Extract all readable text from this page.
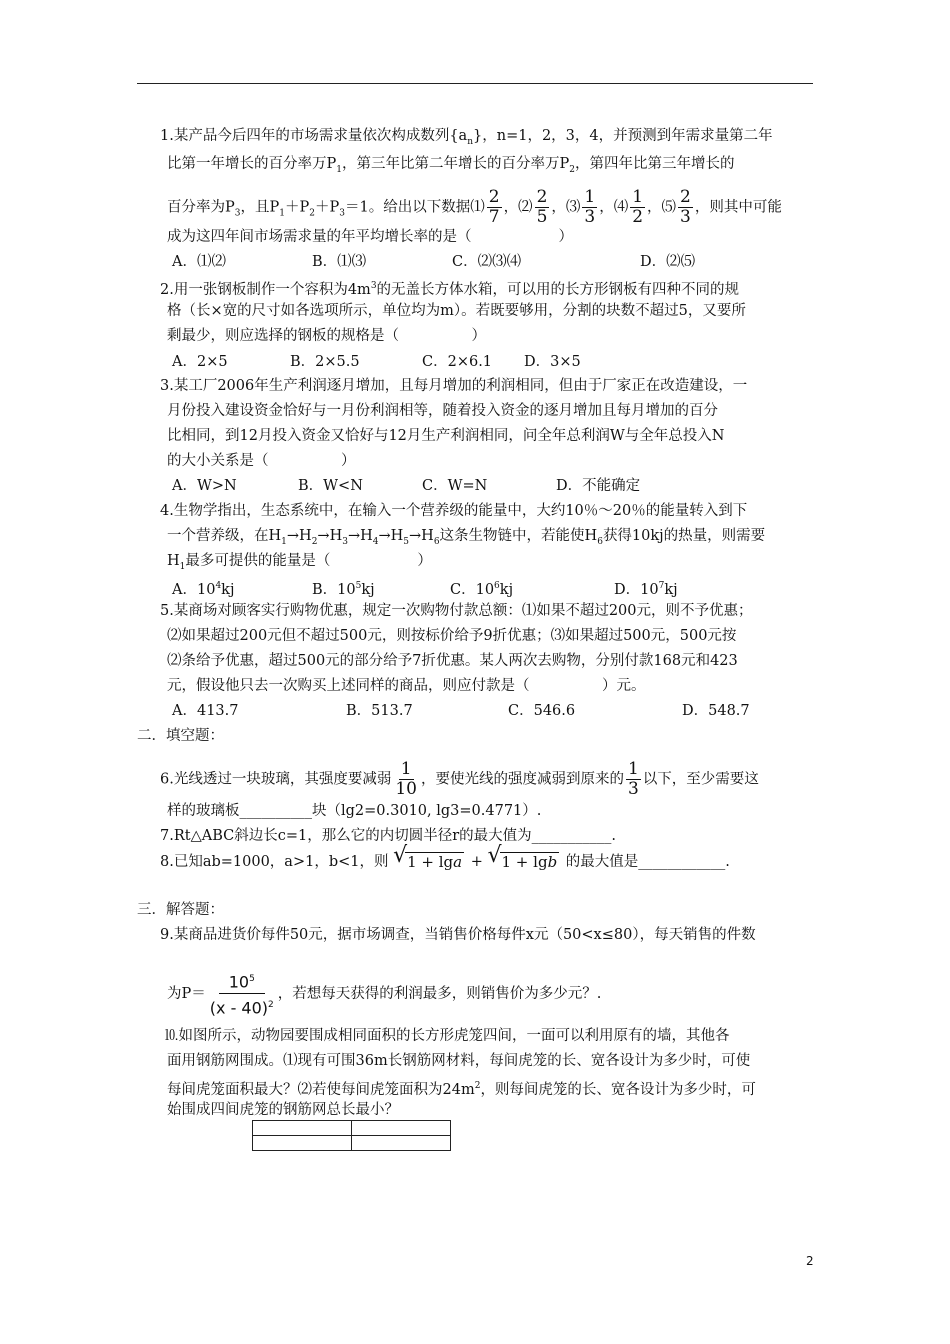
1.某产品今后四年的市场需求量依次构成数列$\{a_n\}$，n=1，2，3，4，并预测到年需求量第二年
比第一年增长的百分率万$P_1$，第三年比第二年增长的百分率万$P_2$，第四年比第三年增长的
百分率为$P_3$，且$P_1+P_2+P_3=1$。给出以下数据⑴ $\frac{2}{7}$ ，⑵ $\frac{2}{5}$ ，⑶ $\frac{1}{3}$ ，⑷ $\frac{1}{2}$ ，⑸ $\frac{2}{3}$ ，则其中可能
成为这四年间市场需求量的年平均增长率的是（　　　　　　）
A．⑴⑵	B．⑴⑶	C．⑵⑶⑷	D．⑵⑸
2.用一张钢板制作一个容积为$4m^3$的无盖长方体水箱，可以用的长方形钢板有四种不同的规
格（长×宽的尺寸如各选项所示，单位均为m）。若既要够用，分割的块数不超过5，又要所
剩最少，则应选择的钢板的规格是（　　　　　）
A．2×5	B．2×5.5	C．2×6.1 D．3×5
3.某工厂2006年生产利润逐月增加，且每月增加的利润相同，但由于厂家正在改造建设，一
月份投入建设资金恰好与一月份利润相等，随着投入资金的逐月增加且每月增加的百分
比相同，到12月投入资金又恰好与12月生产利润相同，问全年总利润W与全年总投入N
的大小关系是（　　　　　）
A．W>N	B．W<N	C．W=N	D．不能确定
4.生物学指出，生态系统中，在输入一个营养级的能量中，大约10％～20％的能量转入到下
一个营养级，在$H_1\to H_2\to H_3\to H_4\to H_5\to H_6$这条生物链中，若能使$H_6$获得10kj的热量，则需要
$H_1$最多可提供的能量是（　　　　　　）
A．$10^4kj$	B．$10^5kj$	C．$10^6kj$	D．$10^7kj$
5.某商场对顾客实行购物优惠，规定一次购物付款总额：⑴如果不超过200元，则不予优惠；
⑵如果超过200元但不超过500元，则按标价给予9折优惠；⑶如果超过500元，500元按
⑵条给予优惠，超过500元的部分给予7折优惠。某人两次去购物，分别付款168元和423
元，假设他只去一次购买上述同样的商品，则应付款是（　　　　　）元。
A．413.7	B．513.7	C．546.6	D．548.7
二．填空题：
6.光线透过一块玻璃，其强度要减弱 $\frac{1}{10}$ ，要使光线的强度减弱到原来的 $\frac{1}{3}$ 以下，至少需要这
样的玻璃板__________块（lg2=0.3010, lg3=0.4771）.
7.Rt△ABC斜边长c=1，那么它的内切圆半径r的最大值为___________.
8.已知ab=1000，a>1，b<1，则 √ 1 + lga + √ 1 + lgb 的最大值是____________.
三．解答题：
9.某商品进货价每件50元，据市场调查，当销售价格每件x元（50<x≤80），每天销售的件数
为$P= \frac{10^5}{(x - 40)^2}$ ，若想每天获得的利润最多，则销售价为多少元？.
⒑如图所示，动物园要围成相同面积的长方形虎笼四间，一面可以利用原有的墙，其他各
面用钢筋网围成。⑴现有可围36m长钢筋网材料，每间虎笼的长、宽各设计为多少时，可使
每间虎笼面积最大？⑵若使每间虎笼面积为$24m^2$，则每间虎笼的长、宽各设计为多少时，可
始围成四间虎笼的钢筋网总长最小？

2
